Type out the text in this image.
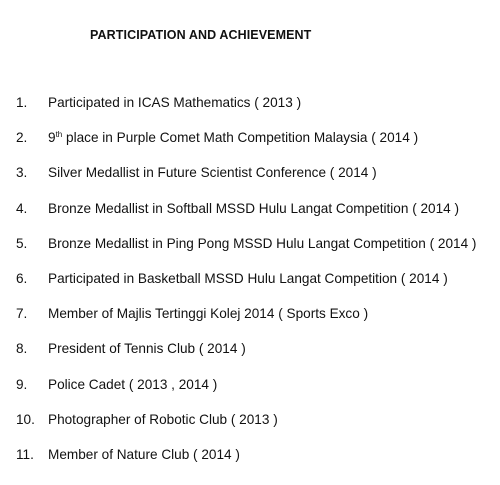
PARTICIPATION AND ACHIEVEMENT
1. Participated in ICAS Mathematics ( 2013 )
2. 9th place in Purple Comet Math Competition Malaysia ( 2014 )
3. Silver Medallist in Future Scientist Conference ( 2014 )
4. Bronze Medallist in Softball MSSD Hulu Langat Competition ( 2014 )
5. Bronze Medallist in Ping Pong MSSD Hulu Langat Competition ( 2014 )
6. Participated in Basketball MSSD Hulu Langat Competition ( 2014 )
7. Member of Majlis Tertinggi Kolej 2014 ( Sports Exco )
8. President of Tennis Club ( 2014 )
9. Police Cadet ( 2013 , 2014 )
10. Photographer of Robotic Club ( 2013 )
11. Member of Nature Club ( 2014 )
